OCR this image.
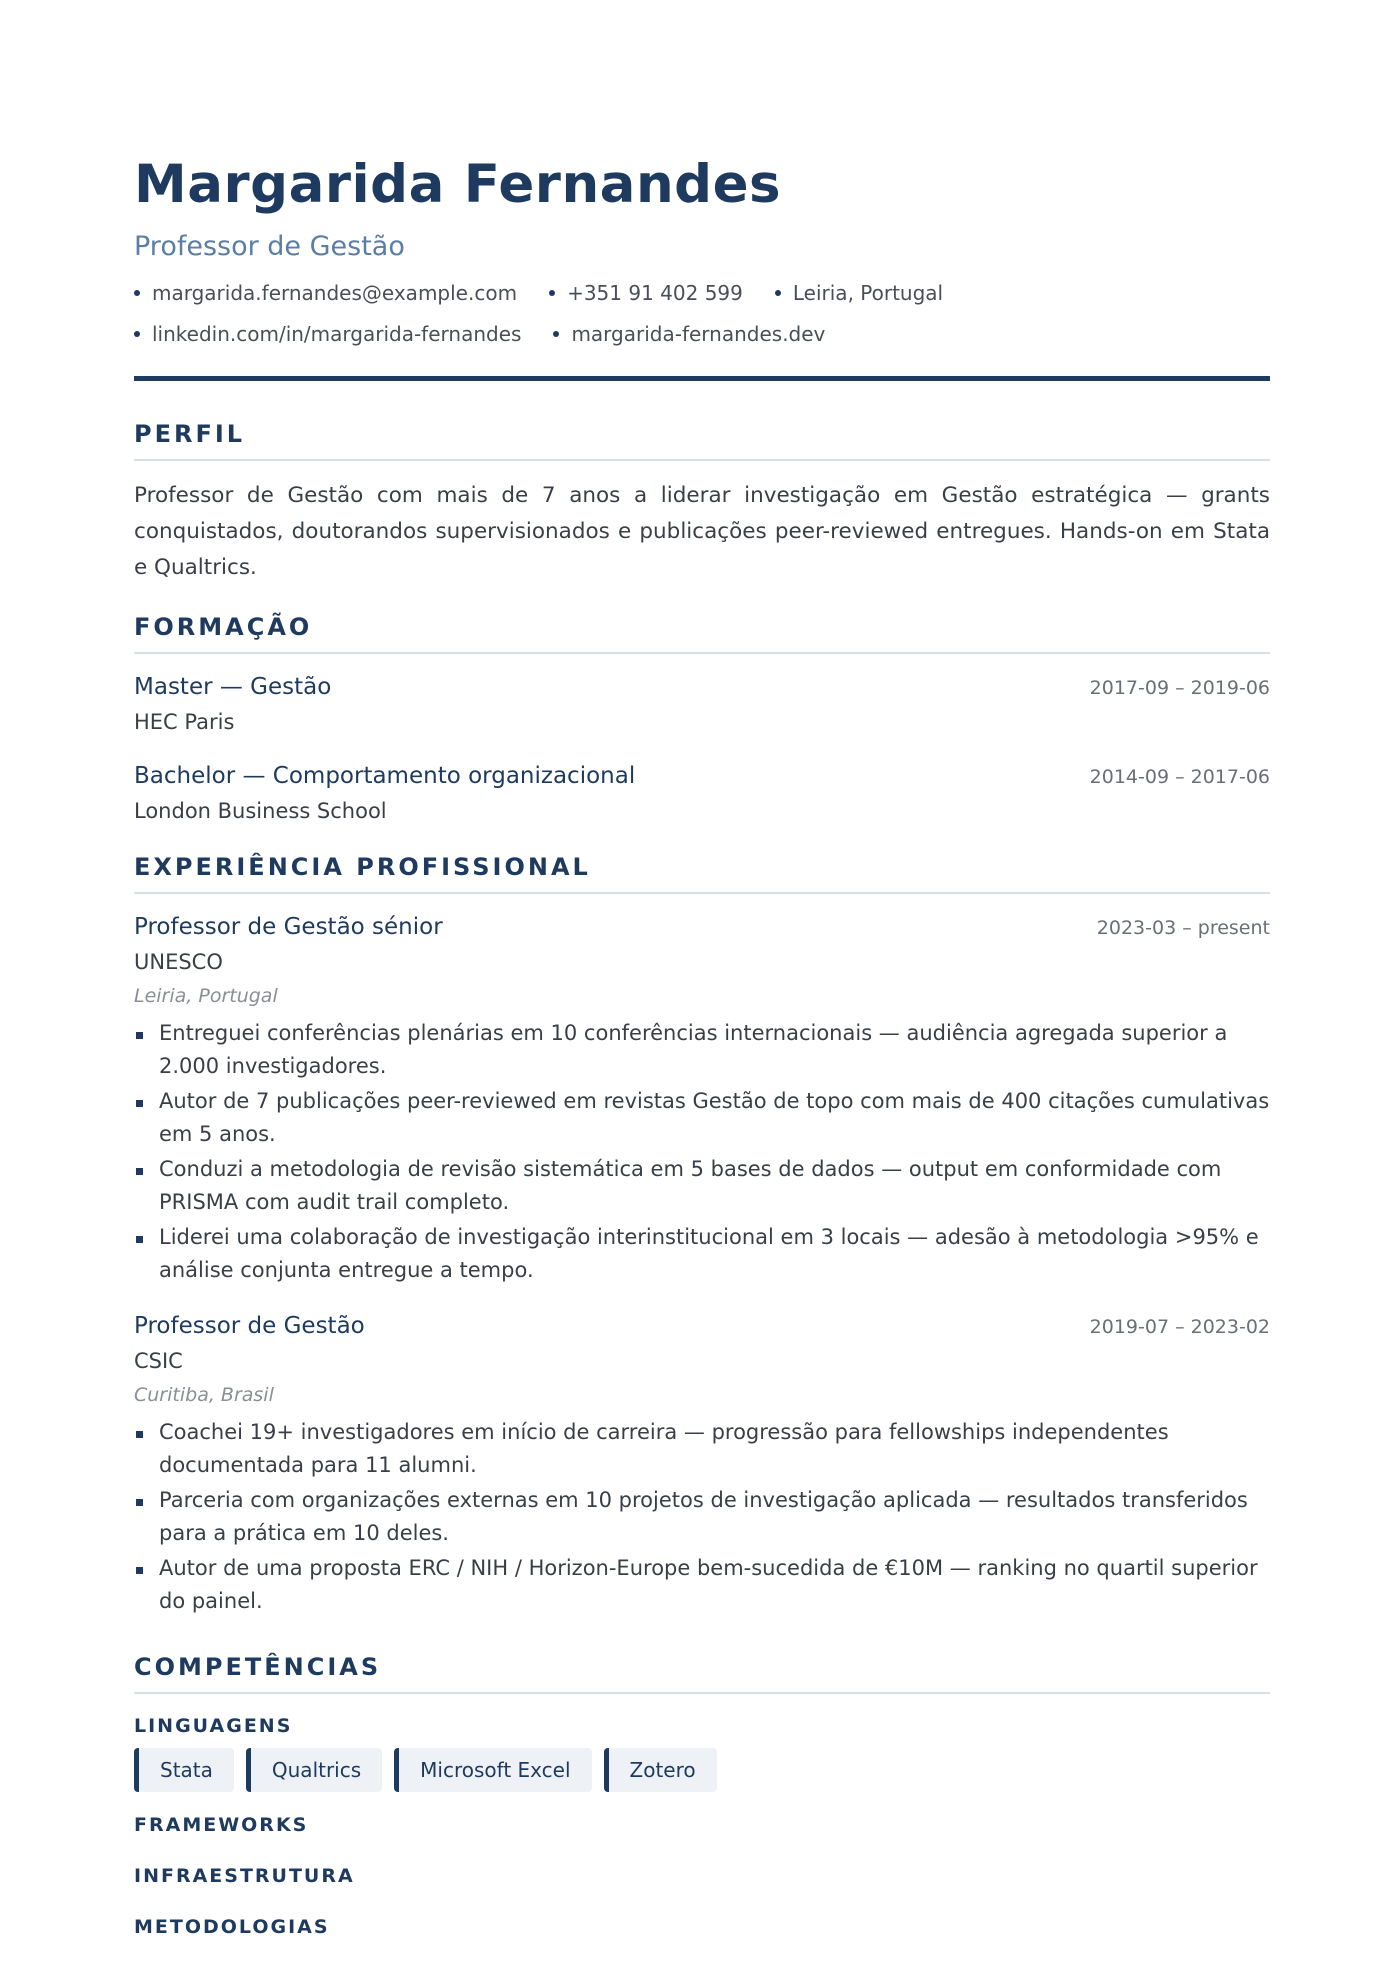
Margarida Fernandes
Professor de Gestão
margarida.fernandes@example.com	+351 91 402 599	Leiria, Portugal
linkedin.com/in/margarida-fernandes	margarida-fernandes.dev
PERFIL

Professor de Gestão com mais de 7 anos a liderar investigação em Gestão estratégica — grants conquistados, doutorandos supervisionados e publicações peer-reviewed entregues. Hands-on em Stata e Qualtrics.

FORMAÇÃO
Master — Gestão	2017-09 – 2019-06
HEC Paris
Bachelor — Comportamento organizacional	2014-09 – 2017-06
London Business School
EXPERIÊNCIA PROFISSIONAL
Professor de Gestão sénior	2023-03 – present
UNESCO
Leiria, Portugal
Entreguei conferências plenárias em 10 conferências internacionais — audiência agregada superior a 2.000 investigadores.
Autor de 7 publicações peer-reviewed em revistas Gestão de topo com mais de 400 citações cumulativas em 5 anos.
Conduzi a metodologia de revisão sistemática em 5 bases de dados — output em conformidade com PRISMA com audit trail completo.
Liderei uma colaboração de investigação interinstitucional em 3 locais — adesão à metodologia >95% e análise conjunta entregue a tempo.
Professor de Gestão	2019-07 – 2023-02
CSIC
Curitiba, Brasil
Coachei 19+ investigadores em início de carreira — progressão para fellowships independentes documentada para 11 alumni.
Parceria com organizações externas em 10 projetos de investigação aplicada — resultados transferidos para a prática em 10 deles.
Autor de uma proposta ERC / NIH / Horizon-Europe bem-sucedida de €10M — ranking no quartil superior do painel.
COMPETÊNCIAS
LINGUAGENS
Stata	Qualtrics	Microsoft Excel	Zotero
FRAMEWORKS
INFRAESTRUTURA
METODOLOGIAS
